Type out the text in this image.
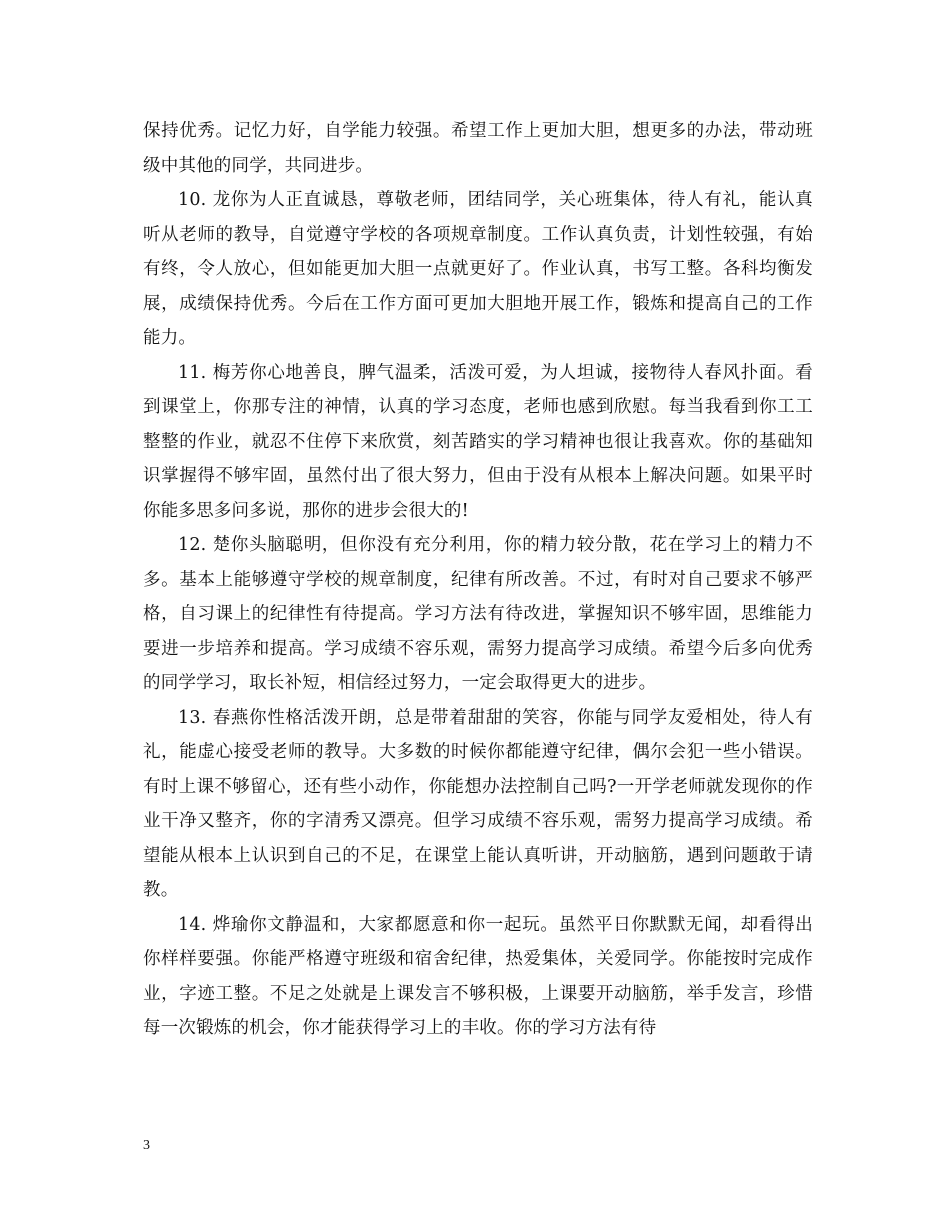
保持优秀。记忆力好，自学能力较强。希望工作上更加大胆，想更多的办法，带动班级中其他的同学，共同进步。

10. 龙你为人正直诚恳，尊敬老师，团结同学，关心班集体，待人有礼，能认真听从老师的教导，自觉遵守学校的各项规章制度。工作认真负责，计划性较强，有始有终，令人放心，但如能更加大胆一点就更好了。作业认真，书写工整。各科均衡发展，成绩保持优秀。今后在工作方面可更加大胆地开展工作，锻炼和提高自己的工作能力。

11. 梅芳你心地善良，脾气温柔，活泼可爱，为人坦诚，接物待人春风扑面。看到课堂上，你那专注的神情，认真的学习态度，老师也感到欣慰。每当我看到你工工整整的作业，就忍不住停下来欣赏，刻苦踏实的学习精神也很让我喜欢。你的基础知识掌握得不够牢固，虽然付出了很大努力，但由于没有从根本上解决问题。如果平时你能多思多问多说，那你的进步会很大的!

12. 楚你头脑聪明，但你没有充分利用，你的精力较分散，花在学习上的精力不多。基本上能够遵守学校的规章制度，纪律有所改善。不过，有时对自己要求不够严格，自习课上的纪律性有待提高。学习方法有待改进，掌握知识不够牢固，思维能力要进一步培养和提高。学习成绩不容乐观，需努力提高学习成绩。希望今后多向优秀的同学学习，取长补短，相信经过努力，一定会取得更大的进步。

13. 春燕你性格活泼开朗，总是带着甜甜的笑容，你能与同学友爱相处，待人有礼，能虚心接受老师的教导。大多数的时候你都能遵守纪律，偶尔会犯一些小错误。有时上课不够留心，还有些小动作，你能想办法控制自己吗?一开学老师就发现你的作业干净又整齐，你的字清秀又漂亮。但学习成绩不容乐观，需努力提高学习成绩。希望能从根本上认识到自己的不足，在课堂上能认真听讲，开动脑筋，遇到问题敢于请教。

14. 烨瑜你文静温和，大家都愿意和你一起玩。虽然平日你默默无闻，却看得出你样样要强。你能严格遵守班级和宿舍纪律，热爱集体，关爱同学。你能按时完成作业，字迹工整。不足之处就是上课发言不够积极，上课要开动脑筋，举手发言，珍惜每一次锻炼的机会，你才能获得学习上的丰收。你的学习方法有待

3
